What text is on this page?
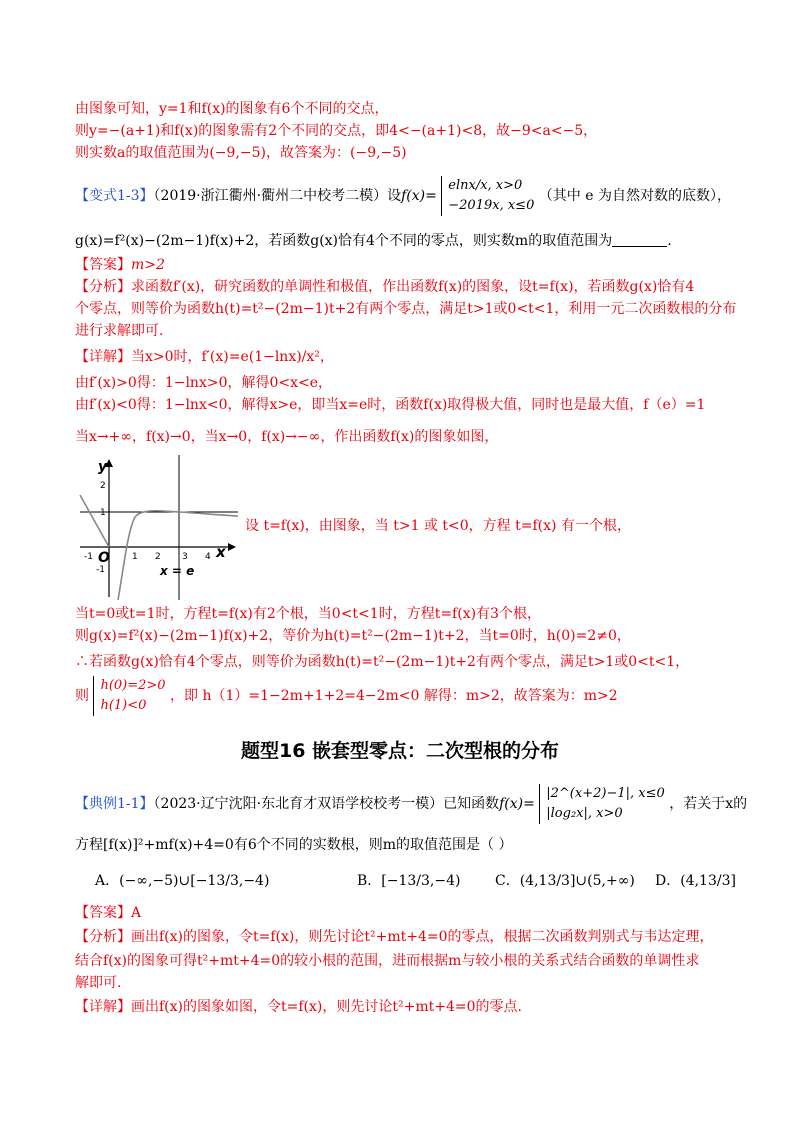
由图象可知，y=1和f(x)的图象有6个不同的交点，
则y=−(a+1)和f(x)的图象需有2个不同的交点，即4<−(a+1)<8，故−9<a<−5，
则实数a的取值范围为(−9,−5)，故答案为：(−9,−5)
【变式1-3】（2019·浙江衢州·衢州二中校考二模）设f(x)= elnx/x, x>0
−2019x, x≤0 （其中 e 为自然对数的底数），
g(x)=f²(x)−(2m−1)f(x)+2，若函数g(x)恰有4个不同的零点，则实数m的取值范围为	.
【答案】m>2
【分析】求函数f′(x)，研究函数的单调性和极值，作出函数f(x)的图象，设t=f(x)，若函数g(x)恰有4
个零点，则等价为函数h(t)=t²−(2m−1)t+2有两个零点，满足t>1或0<t<1，利用一元二次函数根的分布
进行求解即可.
【详解】当x>0时，f′(x)=e(1−lnx)/x²，
由f′(x)>0得：1−lnx>0，解得0<x<e，
由f′(x)<0得：1−lnx<0，解得x>e，即当x=e时，函数f(x)取得极大值，同时也是最大值，f（e）=1
当x→+∞，f(x)→0，当x→0，f(x)→−∞，作出函数f(x)的图象如图，
y
x
O
x = e
-1	1 2 3 4
2
1
-1
设 t=f(x)，由图象，当 t>1 或 t<0，方程 t=f(x) 有一个根，
当t=0或t=1时，方程t=f(x)有2个根，当0<t<1时，方程t=f(x)有3个根，
则g(x)=f²(x)−(2m−1)f(x)+2，等价为h(t)=t²−(2m−1)t+2，当t=0时，h(0)=2≠0，
∴若函数g(x)恰有4个零点，则等价为函数h(t)=t²−(2m−1)t+2有两个零点，满足t>1或0<t<1，
则 h(0)=2>0
h(1)<0 ，即 h（1）=1−2m+1+2=4−2m<0 解得：m>2，故答案为：m>2
题型16 嵌套型零点：二次型根的分布
【典例1-1】（2023·辽宁沈阳·东北育才双语学校校考一模）已知函数f(x)= |2^(x+2)−1|, x≤0
|log₂x|, x>0 ，若关于x的
方程[f(x)]²+mf(x)+4=0有6个不同的实数根，则m的取值范围是（ ）
A．(−∞,−5)∪[−13/3,−4)	B．[−13/3,−4) C．(4,13/3]∪(5,+∞) D．(4,13/3]
【答案】A
【分析】画出f(x)的图象，令t=f(x)，则先讨论t²+mt+4=0的零点，根据二次函数判别式与韦达定理，
结合f(x)的图象可得t²+mt+4=0的较小根的范围，进而根据m与较小根的关系式结合函数的单调性求
解即可.
【详解】画出f(x)的图象如图，令t=f(x)，则先讨论t²+mt+4=0的零点.
